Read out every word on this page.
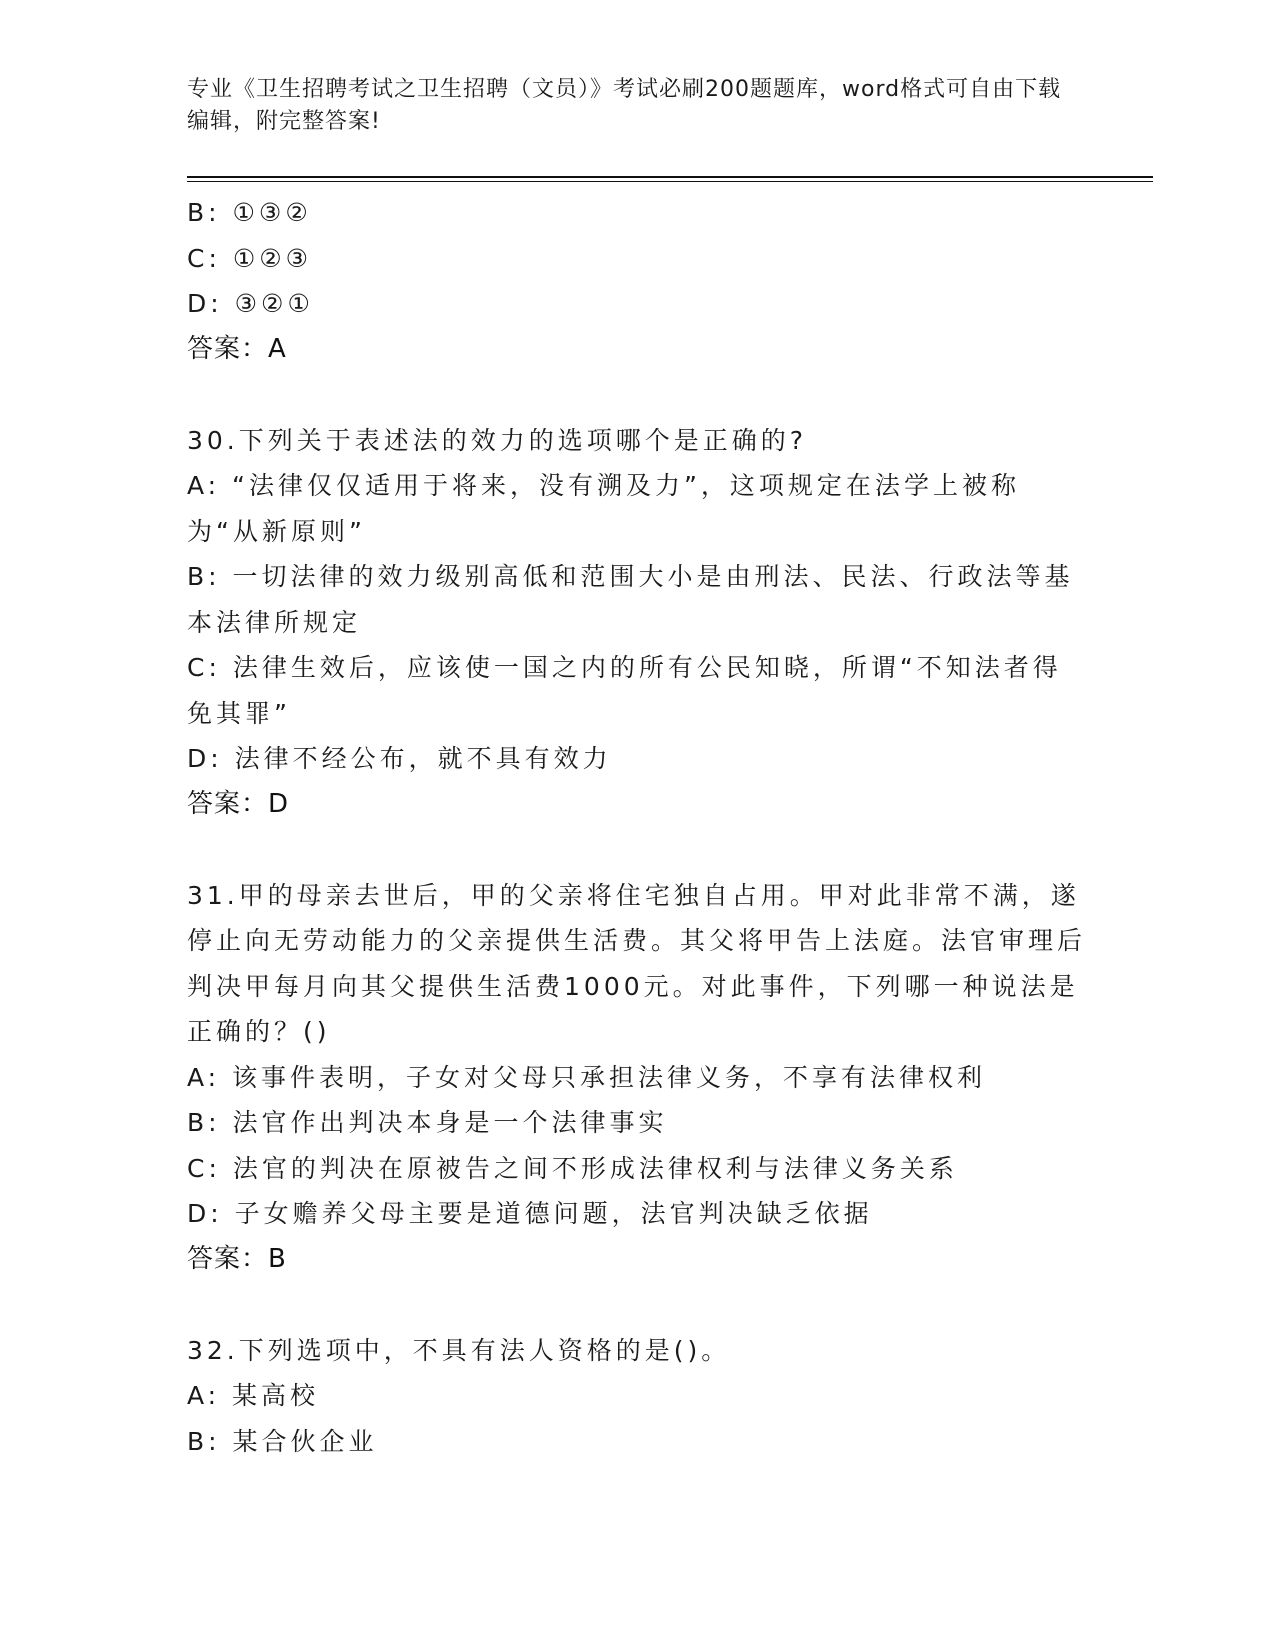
专业《卫生招聘考试之卫生招聘（文员）》考试必刷200题题库，word格式可自由下载编辑，附完整答案!

B: ①③②

C: ①②③

D: ③②①

答案：A

30.下列关于表述法的效力的选项哪个是正确的?

A: “法律仅仅适用于将来，没有溯及力”，这项规定在法学上被称为“从新原则”

B: 一切法律的效力级别高低和范围大小是由刑法、民法、行政法等基本法律所规定

C: 法律生效后，应该使一国之内的所有公民知晓，所谓“不知法者得免其罪”

D: 法律不经公布，就不具有效力

答案：D

31.甲的母亲去世后，甲的父亲将住宅独自占用。甲对此非常不满，遂停止向无劳动能力的父亲提供生活费。其父将甲告上法庭。法官审理后判决甲每月向其父提供生活费1000元。对此事件，下列哪一种说法是正确的？()

A: 该事件表明，子女对父母只承担法律义务，不享有法律权利

B: 法官作出判决本身是一个法律事实

C: 法官的判决在原被告之间不形成法律权利与法律义务关系

D: 子女赡养父母主要是道德问题，法官判决缺乏依据

答案：B

32.下列选项中，不具有法人资格的是()。

A: 某高校

B: 某合伙企业
